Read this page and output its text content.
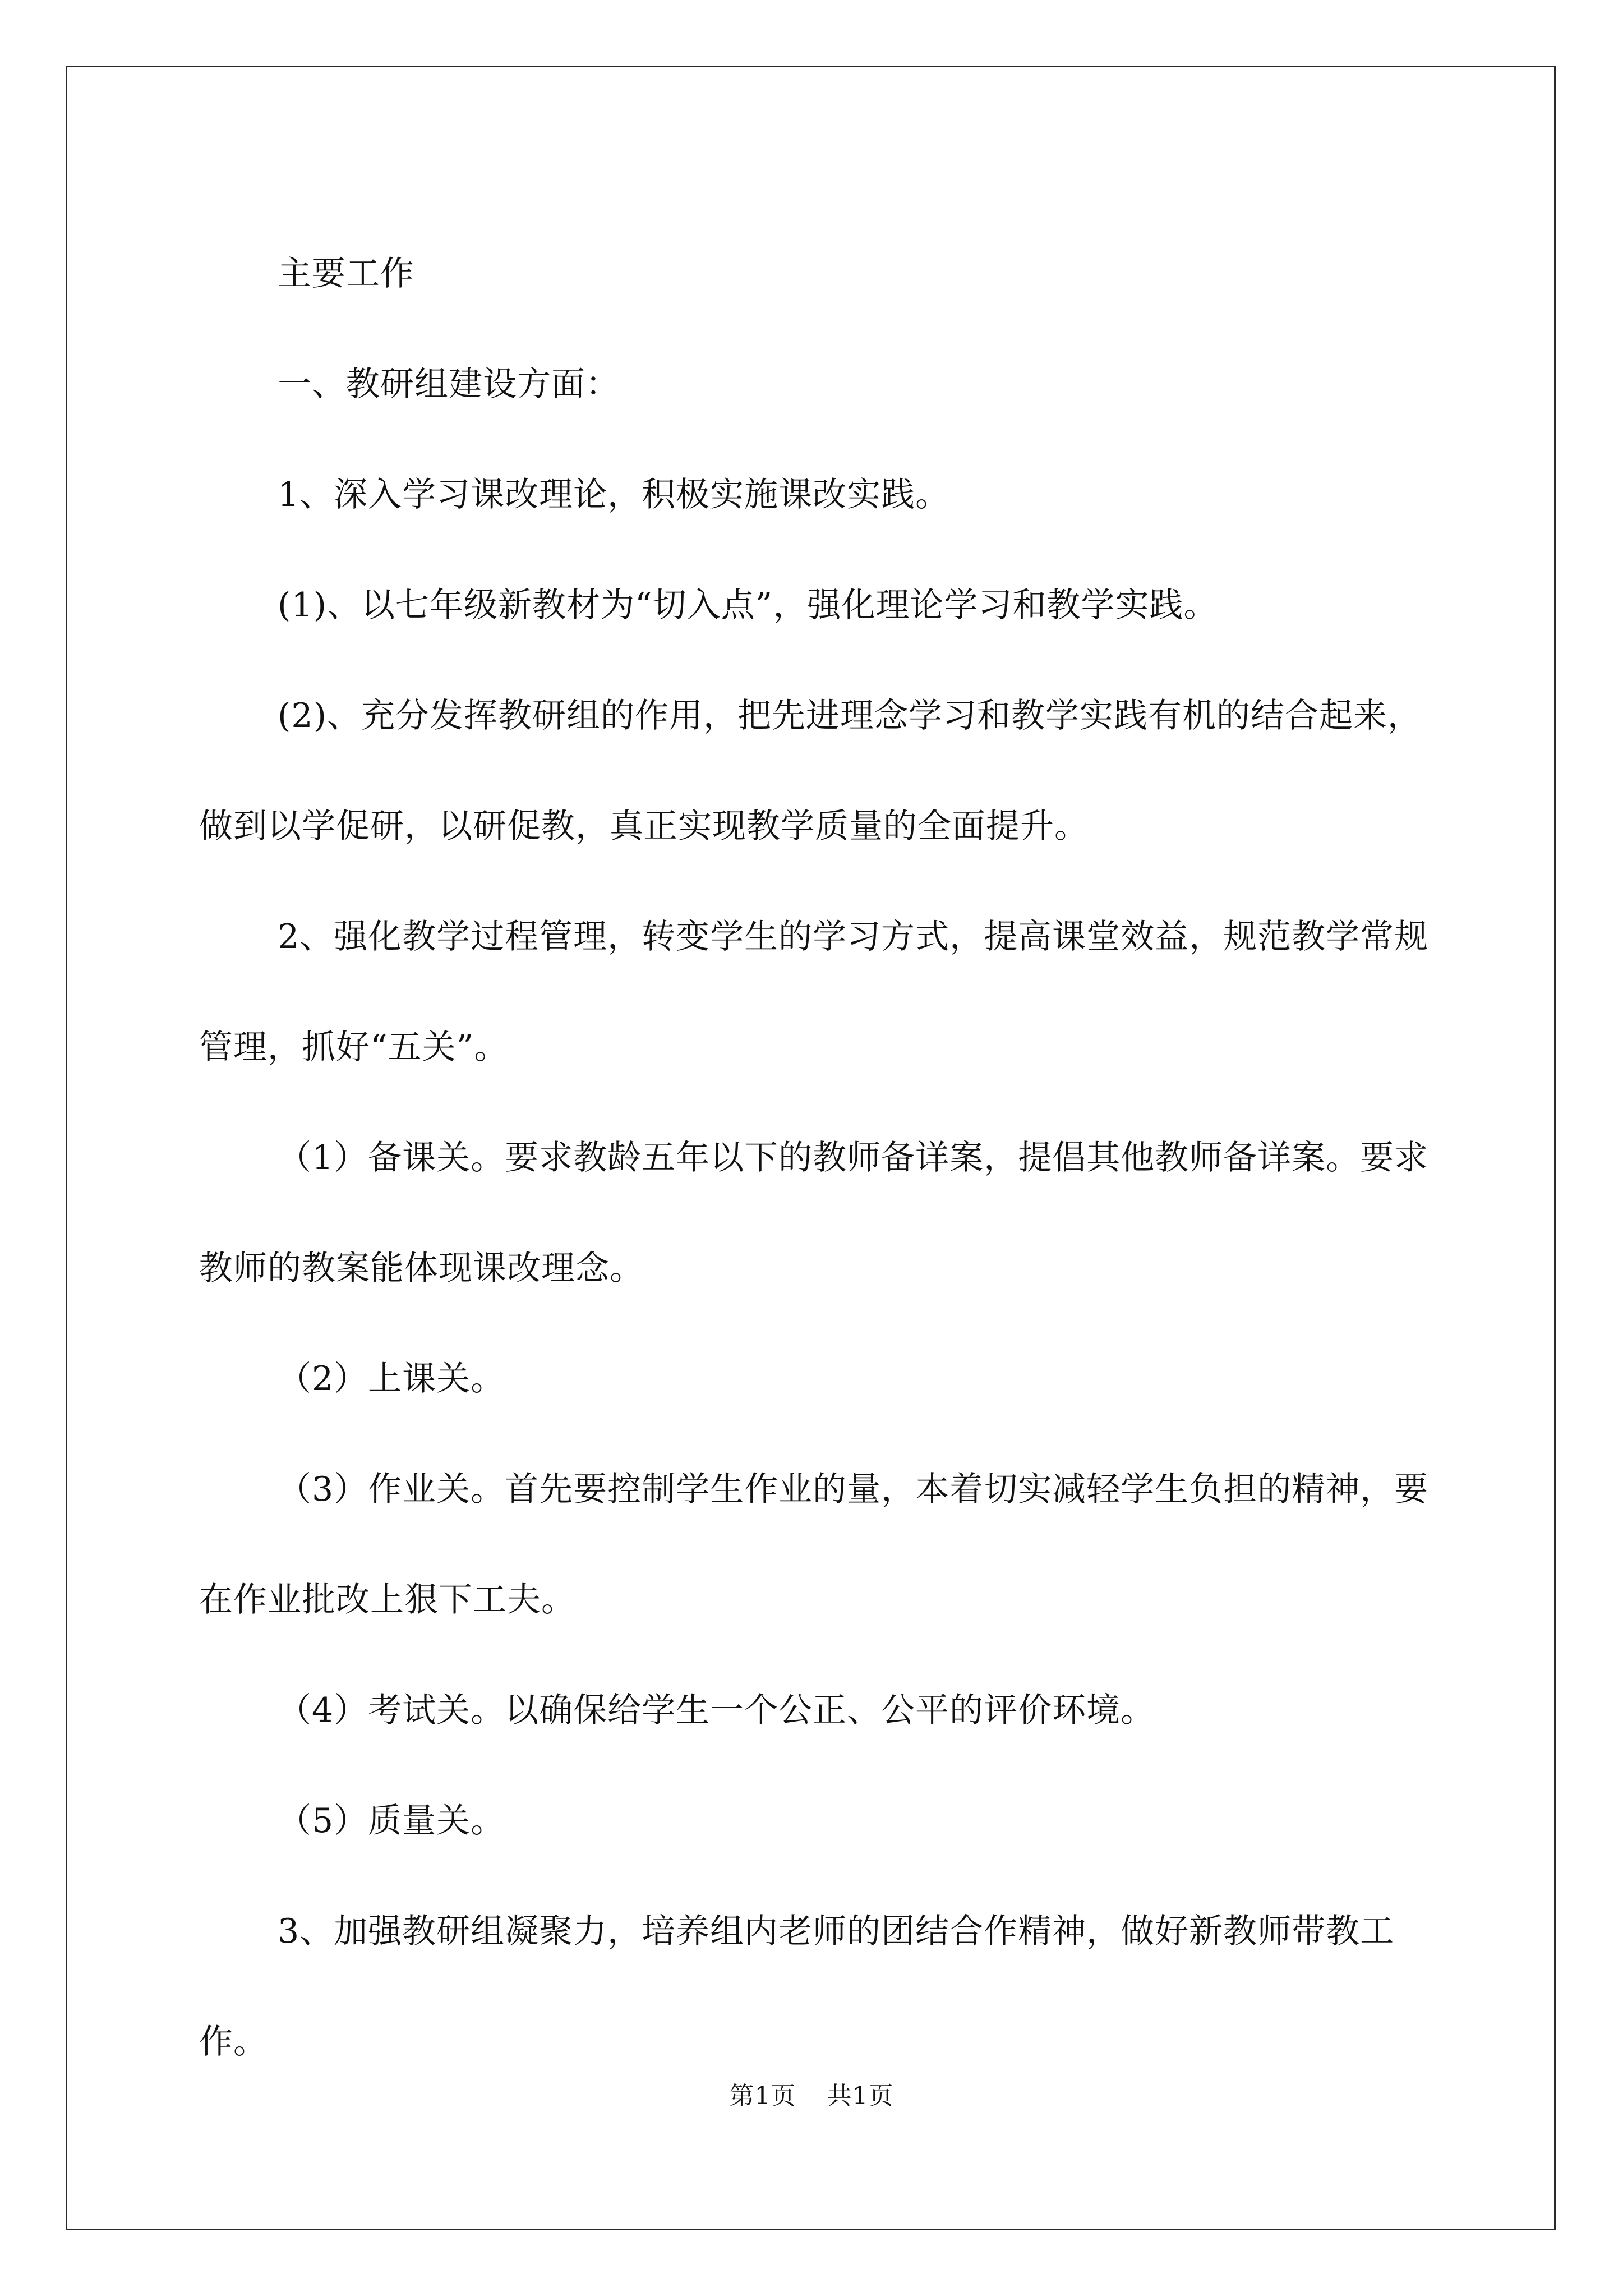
主要工作

一、教研组建设方面：

1、深入学习课改理论，积极实施课改实践。

(1)、以七年级新教材为“切入点”，强化理论学习和教学实践。

(2)、充分发挥教研组的作用，把先进理念学习和教学实践有机的结合起来，做到以学促研，以研促教，真正实现教学质量的全面提升。

2、强化教学过程管理，转变学生的学习方式，提高课堂效益，规范教学常规管理，抓好“五关”。

（1）备课关。要求教龄五年以下的教师备详案，提倡其他教师备详案。要求教师的教案能体现课改理念。

（2）上课关。

（3）作业关。首先要控制学生作业的量，本着切实减轻学生负担的精神，要在作业批改上狠下工夫。

（4）考试关。以确保给学生一个公正、公平的评价环境。

（5）质量关。

3、加强教研组凝聚力，培养组内老师的团结合作精神，做好新教师带教工作。

第1页 共1页
